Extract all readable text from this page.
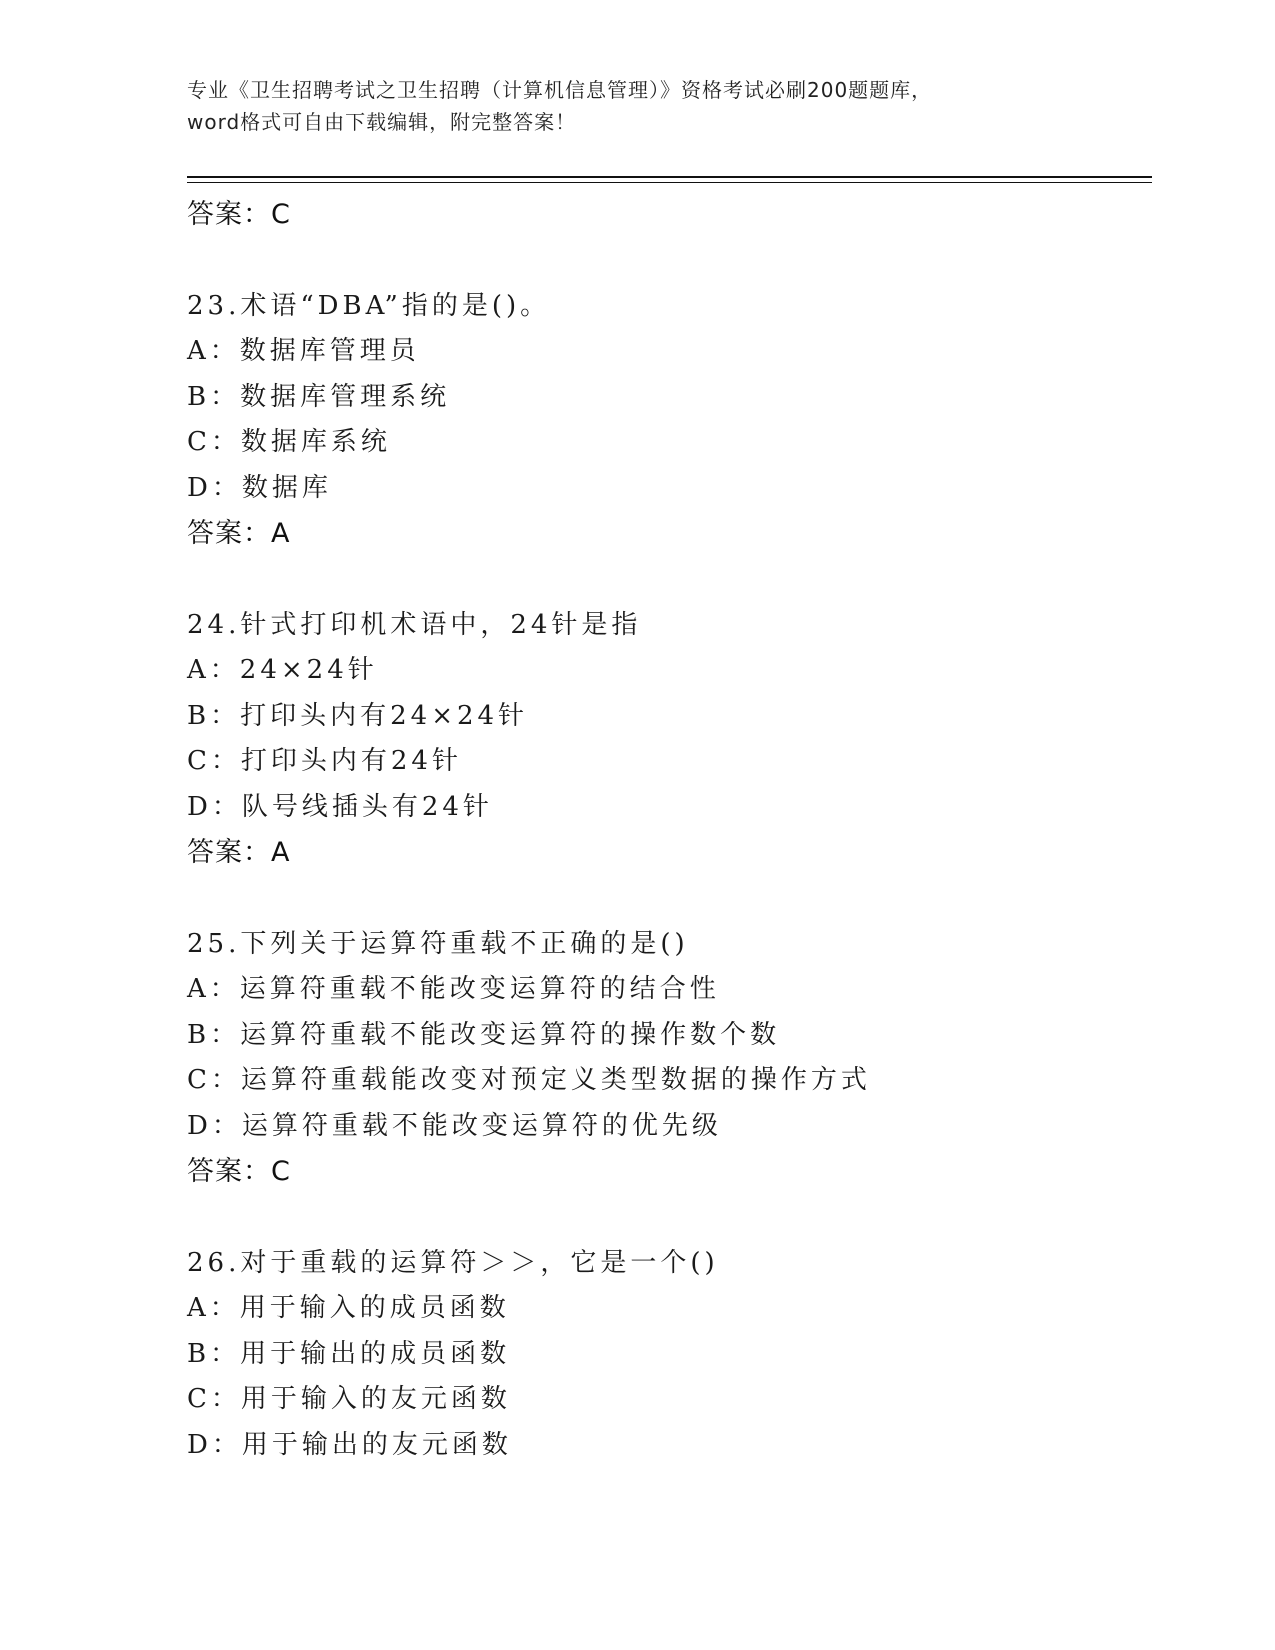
专业《卫生招聘考试之卫生招聘（计算机信息管理）》资格考试必刷200题题库，
word格式可自由下载编辑，附完整答案！
答案：C
23.术语“DBA”指的是()。
A：数据库管理员
B：数据库管理系统
C：数据库系统
D：数据库
答案：A
24.针式打印机术语中，24针是指
A：24×24针
B：打印头内有24×24针
C：打印头内有24针
D：队号线插头有24针
答案：A
25.下列关于运算符重载不正确的是()
A：运算符重载不能改变运算符的结合性
B：运算符重载不能改变运算符的操作数个数
C：运算符重载能改变对预定义类型数据的操作方式
D：运算符重载不能改变运算符的优先级
答案：C
26.对于重载的运算符＞＞，它是一个()
A：用于输入的成员函数
B：用于输出的成员函数
C：用于输入的友元函数
D：用于输出的友元函数
